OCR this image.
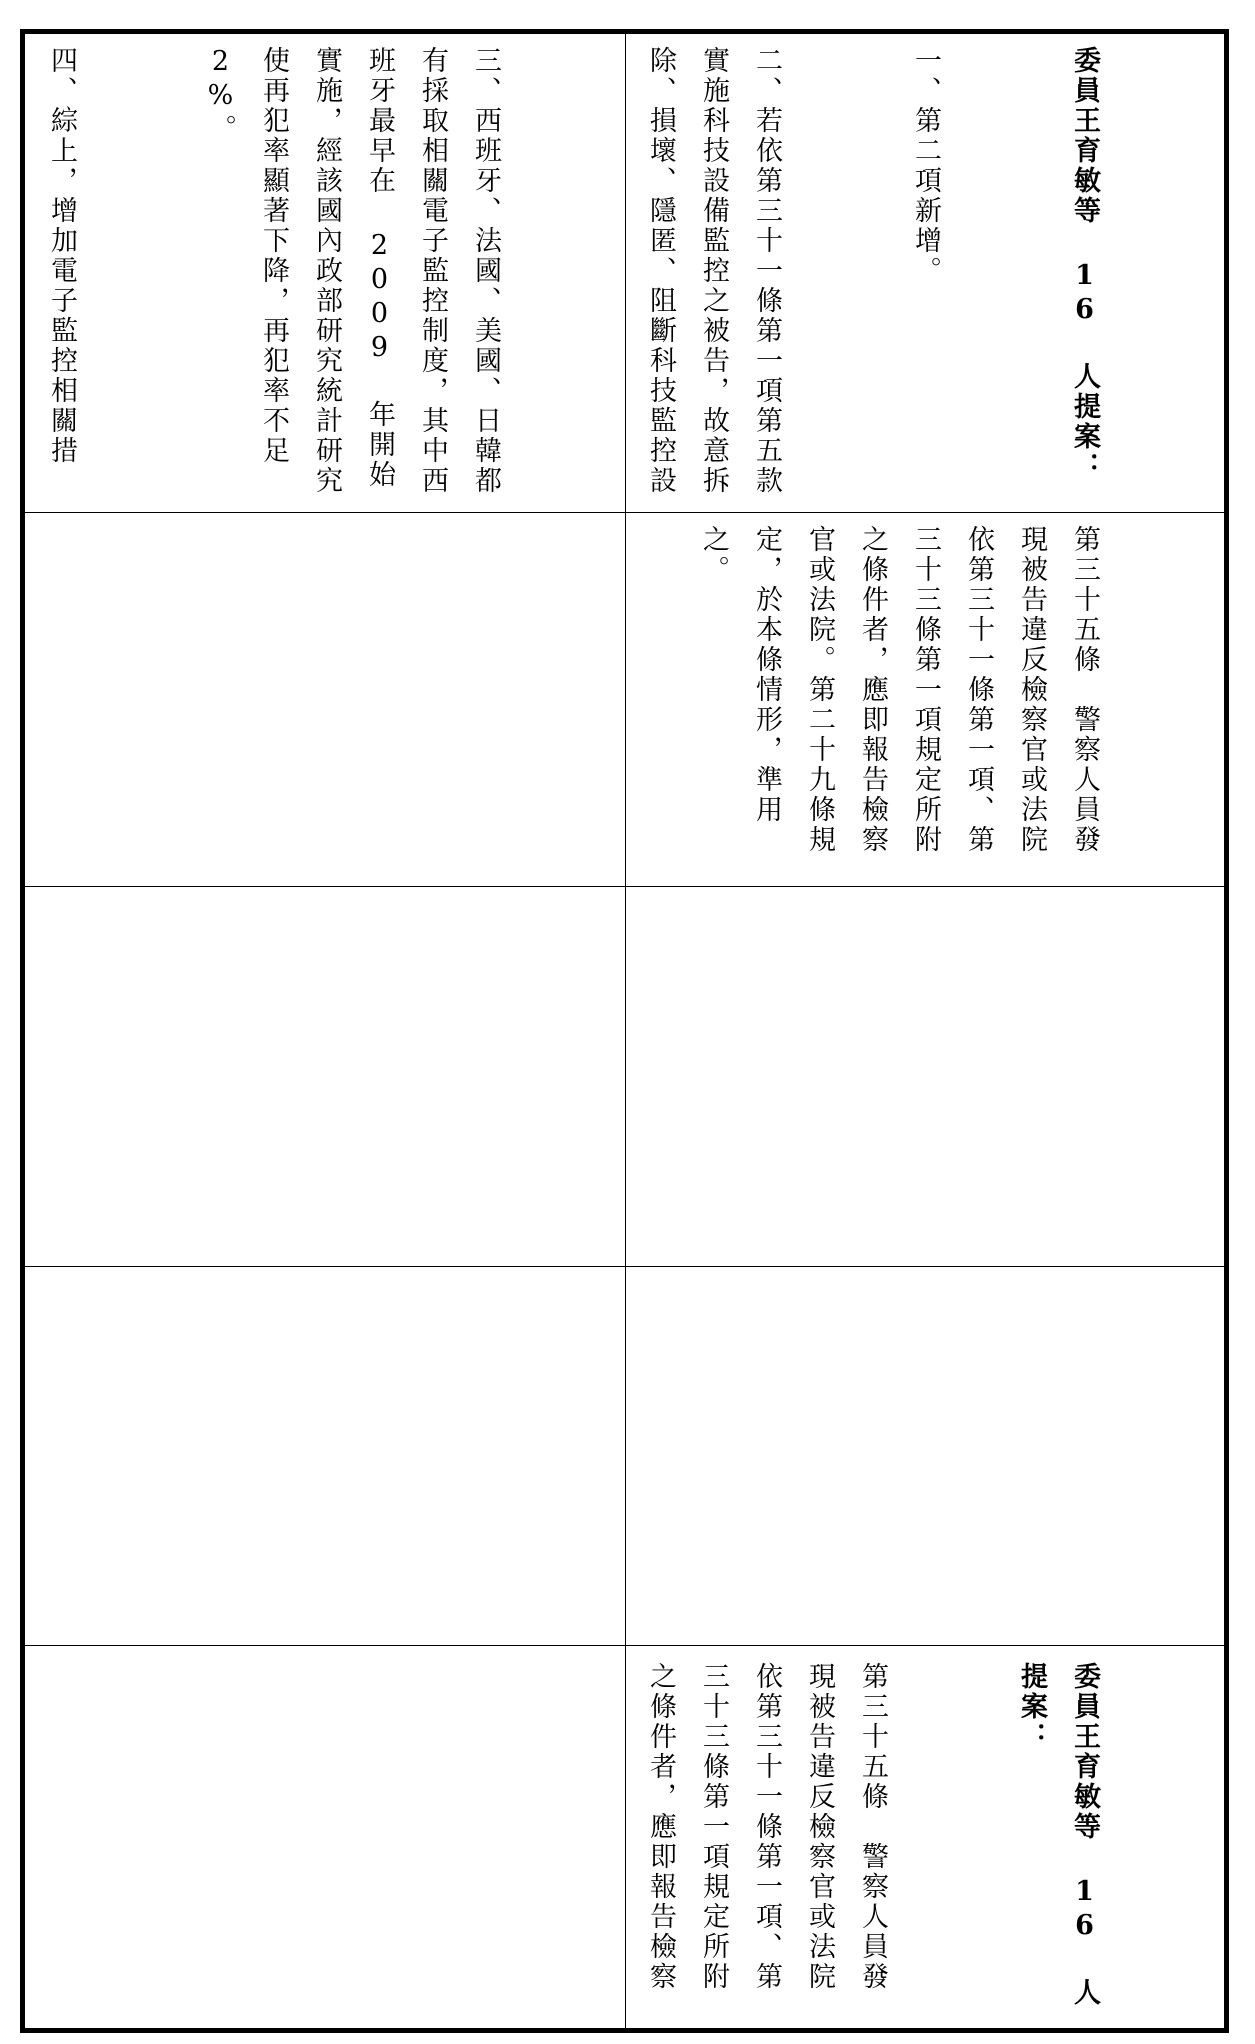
三、西班牙、法國、美國、日韓都有採取相關電子監控制度，其中西班牙最早在 2009 年開始實施，經該國內政部研究統計研究使再犯率顯著下降，再犯率不足 2%。

四、綜上，增加電子監控相關措

	委員王育敏等 16 人提案：

一、第二項新增。

二、若依第三十一條第一項第五款實施科技設備監控之被告，故意拆除、損壞、隱匿、阻斷科技監控設

第三十五條　警察人員發現被告違反檢察官或法院依第三十一條第一項、第三十三條第一項規定所附之條件者，應即報告檢察官或法院。第二十九條規定，於本條情形，準用之。

委員王育敏等 16 人提案：

第三十五條　警察人員發現被告違反檢察官或法院依第三十一條第一項、第三十三條第一項規定所附之條件者，應即報告檢察
